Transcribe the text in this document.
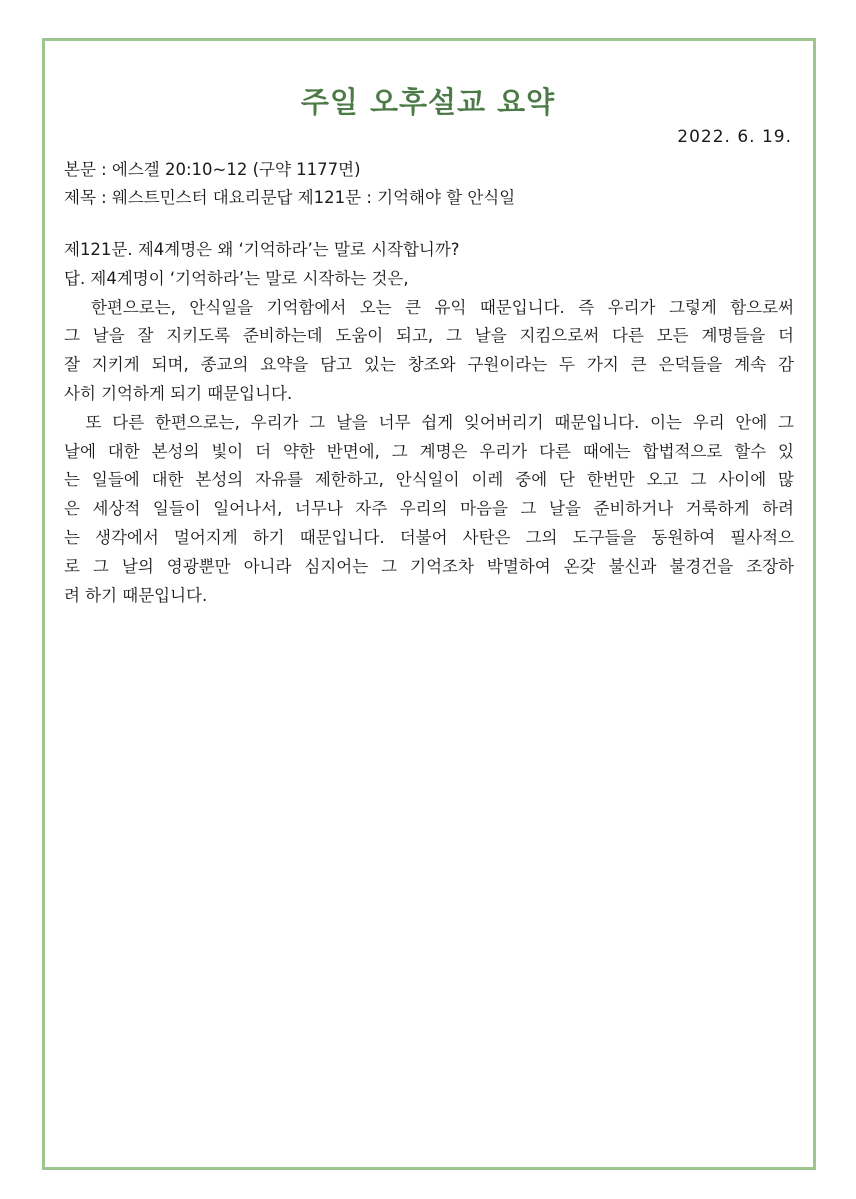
주일 오후설교 요약
2022. 6. 19.
본문 : 에스겔 20:10~12 (구약 1177면)
제목 : 웨스트민스터 대요리문답 제121문 : 기억해야 할 안식일
제121문. 제4계명은 왜 ‘기억하라’는 말로 시작합니까?
답. 제4계명이 ‘기억하라’는 말로 시작하는 것은,
한편으로는, 안식일을 기억함에서 오는 큰 유익 때문입니다. 즉 우리가 그렇게 함으로써
그 날을 잘 지키도록 준비하는데 도움이 되고, 그 날을 지킴으로써 다른 모든 계명들을 더
잘 지키게 되며, 종교의 요약을 담고 있는 창조와 구원이라는 두 가지 큰 은덕들을 계속 감
사히 기억하게 되기 때문입니다.
또 다른 한편으로는, 우리가 그 날을 너무 쉽게 잊어버리기 때문입니다. 이는 우리 안에 그
날에 대한 본성의 빛이 더 약한 반면에, 그 계명은 우리가 다른 때에는 합법적으로 할수 있
는 일들에 대한 본성의 자유를 제한하고, 안식일이 이레 중에 단 한번만 오고 그 사이에 많
은 세상적 일들이 일어나서, 너무나 자주 우리의 마음을 그 날을 준비하거나 거룩하게 하려
는 생각에서 멀어지게 하기 때문입니다. 더불어 사탄은 그의 도구들을 동원하여 필사적으
로 그 날의 영광뿐만 아니라 심지어는 그 기억조차 박멸하여 온갖 불신과 불경건을 조장하
려 하기 때문입니다.
